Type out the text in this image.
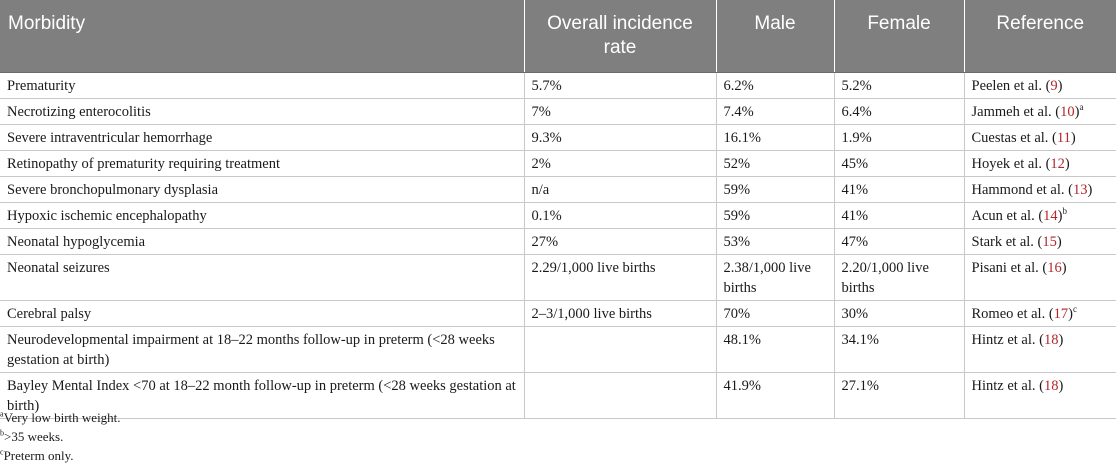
Morbidity	Overall incidence rate	Male	Female	Reference
Prematurity	5.7%	6.2%	5.2%	Peelen et al. (9)
Necrotizing enterocolitis	7%	7.4%	6.4%	Jammeh et al. (10)$^a$
Severe intraventricular hemorrhage	9.3%	16.1%	1.9%	Cuestas et al. (11)
Retinopathy of prematurity requiring treatment	2%	52%	45%	Hoyek et al. (12)
Severe bronchopulmonary dysplasia	n/a	59%	41%	Hammond et al. (13)
Hypoxic ischemic encephalopathy	0.1%	59%	41%	Acun et al. (14)$^b$
Neonatal hypoglycemia	27%	53%	47%	Stark et al. (15)
Neonatal seizures	2.29/1,000 live births	2.38/1,000 live births	2.20/1,000 live births	Pisani et al. (16)
Cerebral palsy	2–3/1,000 live births	70%	30%	Romeo et al. (17)$^c$
Neurodevelopmental impairment at 18–22 months follow-up in preterm (<28 weeks gestation at birth)		48.1%	34.1%	Hintz et al. (18)
Bayley Mental Index <70 at 18–22 month follow-up in preterm (<28 weeks gestation at birth)		41.9%	27.1%	Hintz et al. (18)
$^a$Very low birth weight.
$^b$>35 weeks.
$^c$Preterm only.
